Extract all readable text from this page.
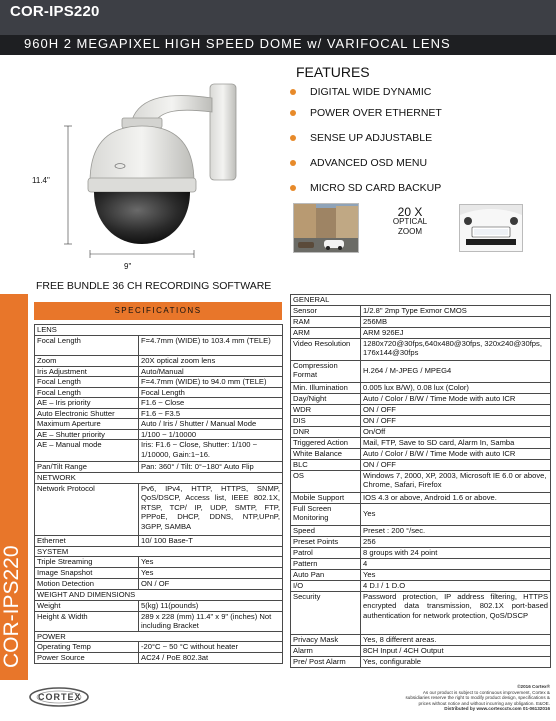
COR-IPS220
960H 2 MEGAPIXEL HIGH SPEED DOME w/ VARIFOCAL LENS
11.4"
9"
FEATURES
DIGITAL WIDE DYNAMIC
POWER OVER ETHERNET
SENSE UP ADJUSTABLE
ADVANCED OSD MENU
MICRO SD CARD BACKUP
20 X
OPTICAL
ZOOM
FREE BUNDLE 36 CH RECORDING SOFTWARE
COR-IPS220
SPECIFICATIONS
LENS	
Focal Length	F=4.7mm (WIDE) to 103.4 mm (TELE)
Zoom	20X optical zoom lens
Iris Adjustment	Auto/Manual
Focal Length	F=4.7mm (WIDE) to 94.0 mm (TELE)
Focal Length	Focal Length
AE – Iris priority	F1.6 ~ Close
Auto Electronic Shutter	F1.6 ~ F3.5
Maximum Aperture	Auto / Iris / Shutter / Manual Mode
AE – Shutter priority	1/100 ~ 1/10000
AE – Manual mode	Iris: F1.6 ~ Close, Shutter: 1/100 ~ 1/10000, Gain:1~16.
Pan/Tilt Range	Pan: 360° / Tilt: 0°~180° Auto Flip
NETWORK	
Network Protocol	Pv6, IPv4, HTTP, HTTPS, SNMP, QoS/DSCP, Access list, IEEE 802.1X, RTSP, TCP/ IP, UDP, SMTP, FTP, PPPoE, DHCP, DDNS, NTP,UPnP, 3GPP, SAMBA
Ethernet	10/ 100 Base-T
SYSTEM	
Triple Streaming	Yes
Image Snapshot	Yes
Motion Detection	ON / OF
WEIGHT AND DIMENSIONS	
Weight	5(kg) 11(pounds)
Height & Width	289 x 228 (mm) 11.4" x 9" (inches) Not including Bracket
POWER	
Operating Temp	-20°C ~ 50 °C without heater
Power Source	AC24 / PoE 802.3at
GENERAL	
Sensor	1/2.8" 2mp Type Exmor CMOS
RAM	256MB
ARM	ARM 926EJ
Video Resolution	1280x720@30fps,640x480@30fps, 320x240@30fps, 176x144@30fps
Compression Format	H.264 / M-JPEG / MPEG4
Min. Illumination	0.005 lux B/W), 0.08 lux (Color)
Day/Night	Auto / Color / B/W / Time Mode with auto ICR
WDR	ON / OFF
DIS	ON / OFF
DNR	On/Off
Triggered Action	Mail, FTP, Save to SD card, Alarm In, Samba
White Balance	Auto / Color / B/W / Time Mode with auto ICR
BLC	ON / OFF
OS	Windows 7, 2000, XP, 2003, Microsoft IE 6.0 or above, Chrome, Safari, Firefox
Mobile Support	IOS 4.3 or above, Android 1.6 or above.
Full Screen Monitoring	Yes
Speed	Preset : 200 °/sec.
Preset Points	256
Patrol	8 groups with 24 point
Pattern	4
Auto Pan	Yes
I/O	4 D.I / 1 D.O
Security	Password protection, IP address filtering, HTTPS encrypted data transmission, 802.1X port-based authentication for network protection, QoS/DSCP
Privacy Mask	Yes, 8 different areas.
Alarm	8CH Input / 4CH Output
Pre/ Post Alarm	Yes, configurable
CORTEX
©2016 Cortex®
As our product is subject to continuous improvement, Cortex &
subsidiaries reserve the right to modify product design, specifications &
prices without notice and without incurring any obligation. E&OE.
Distributed by www.cortexcctv.com 01-06132016
